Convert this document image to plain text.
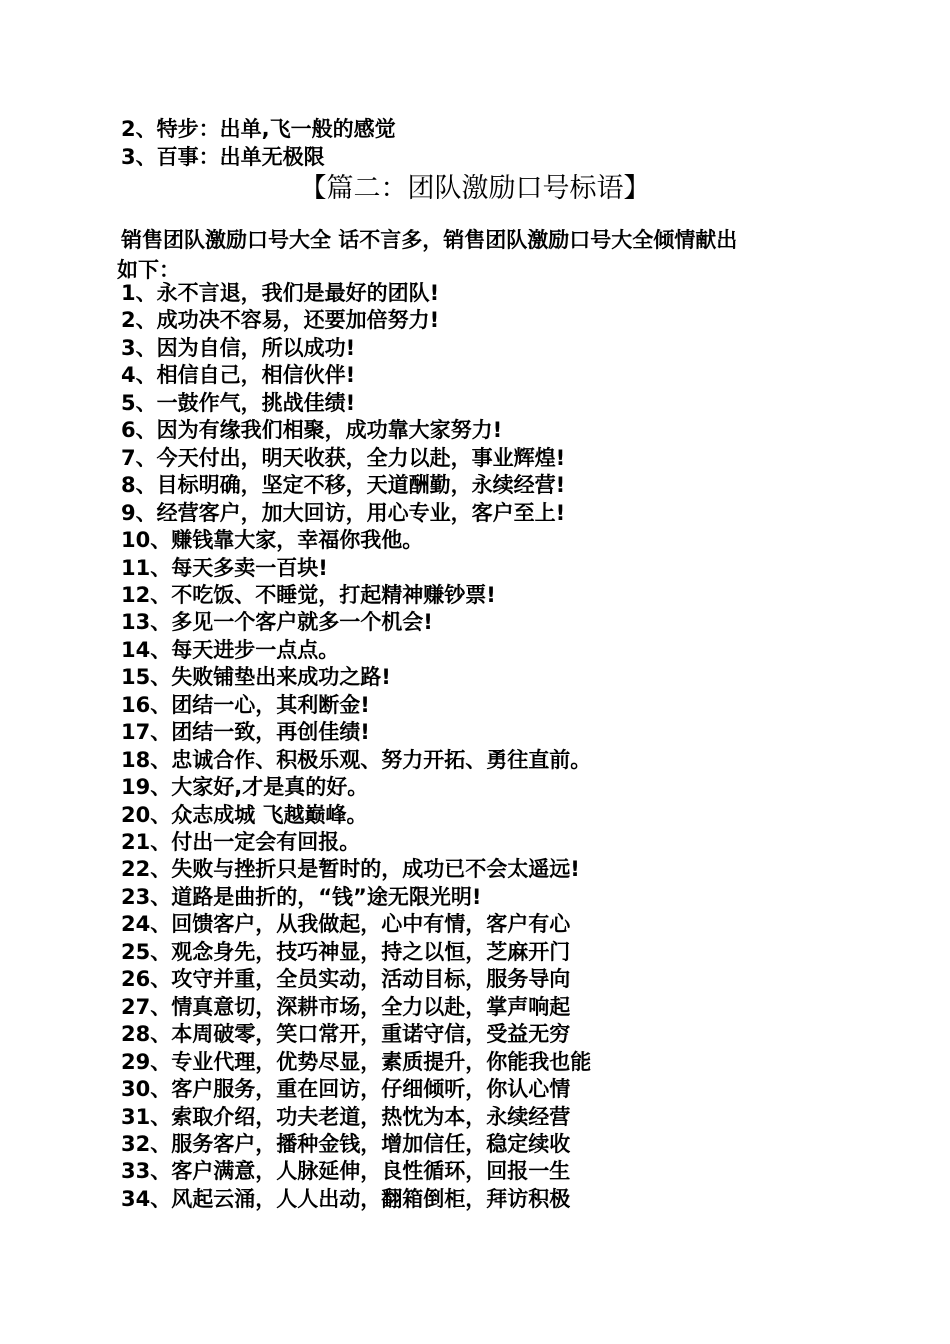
2、特步：出单,飞一般的感觉
3、百事：出单无极限
【篇二：团队激励口号标语】
销售团队激励口号大全 话不言多，销售团队激励口号大全倾情献出
如下：
1、永不言退，我们是最好的团队!
2、成功决不容易，还要加倍努力!
3、因为自信，所以成功!
4、相信自己，相信伙伴!
5、一鼓作气，挑战佳绩!
6、因为有缘我们相聚，成功靠大家努力!
7、今天付出，明天收获，全力以赴，事业辉煌!
8、目标明确，坚定不移，天道酬勤，永续经营!
9、经营客户，加大回访，用心专业，客户至上!
10、赚钱靠大家，幸福你我他。
11、每天多卖一百块!
12、不吃饭、不睡觉，打起精神赚钞票!
13、多见一个客户就多一个机会!
14、每天进步一点点。
15、失败铺垫出来成功之路!
16、团结一心，其利断金!
17、团结一致，再创佳绩!
18、忠诚合作、积极乐观、努力开拓、勇往直前。
19、大家好,才是真的好。
20、众志成城 飞越巅峰。
21、付出一定会有回报。
22、失败与挫折只是暂时的，成功已不会太遥远!
23、道路是曲折的，“钱”途无限光明!
24、回馈客户，从我做起，心中有情，客户有心
25、观念身先，技巧神显，持之以恒，芝麻开门
26、攻守并重，全员实动，活动目标，服务导向
27、情真意切，深耕市场，全力以赴，掌声响起
28、本周破零，笑口常开，重诺守信，受益无穷
29、专业代理，优势尽显，素质提升，你能我也能
30、客户服务，重在回访，仔细倾听，你认心情
31、索取介绍，功夫老道，热忱为本，永续经营
32、服务客户，播种金钱，增加信任，稳定续收
33、客户满意，人脉延伸，良性循环，回报一生
34、风起云涌，人人出动，翻箱倒柜，拜访积极
